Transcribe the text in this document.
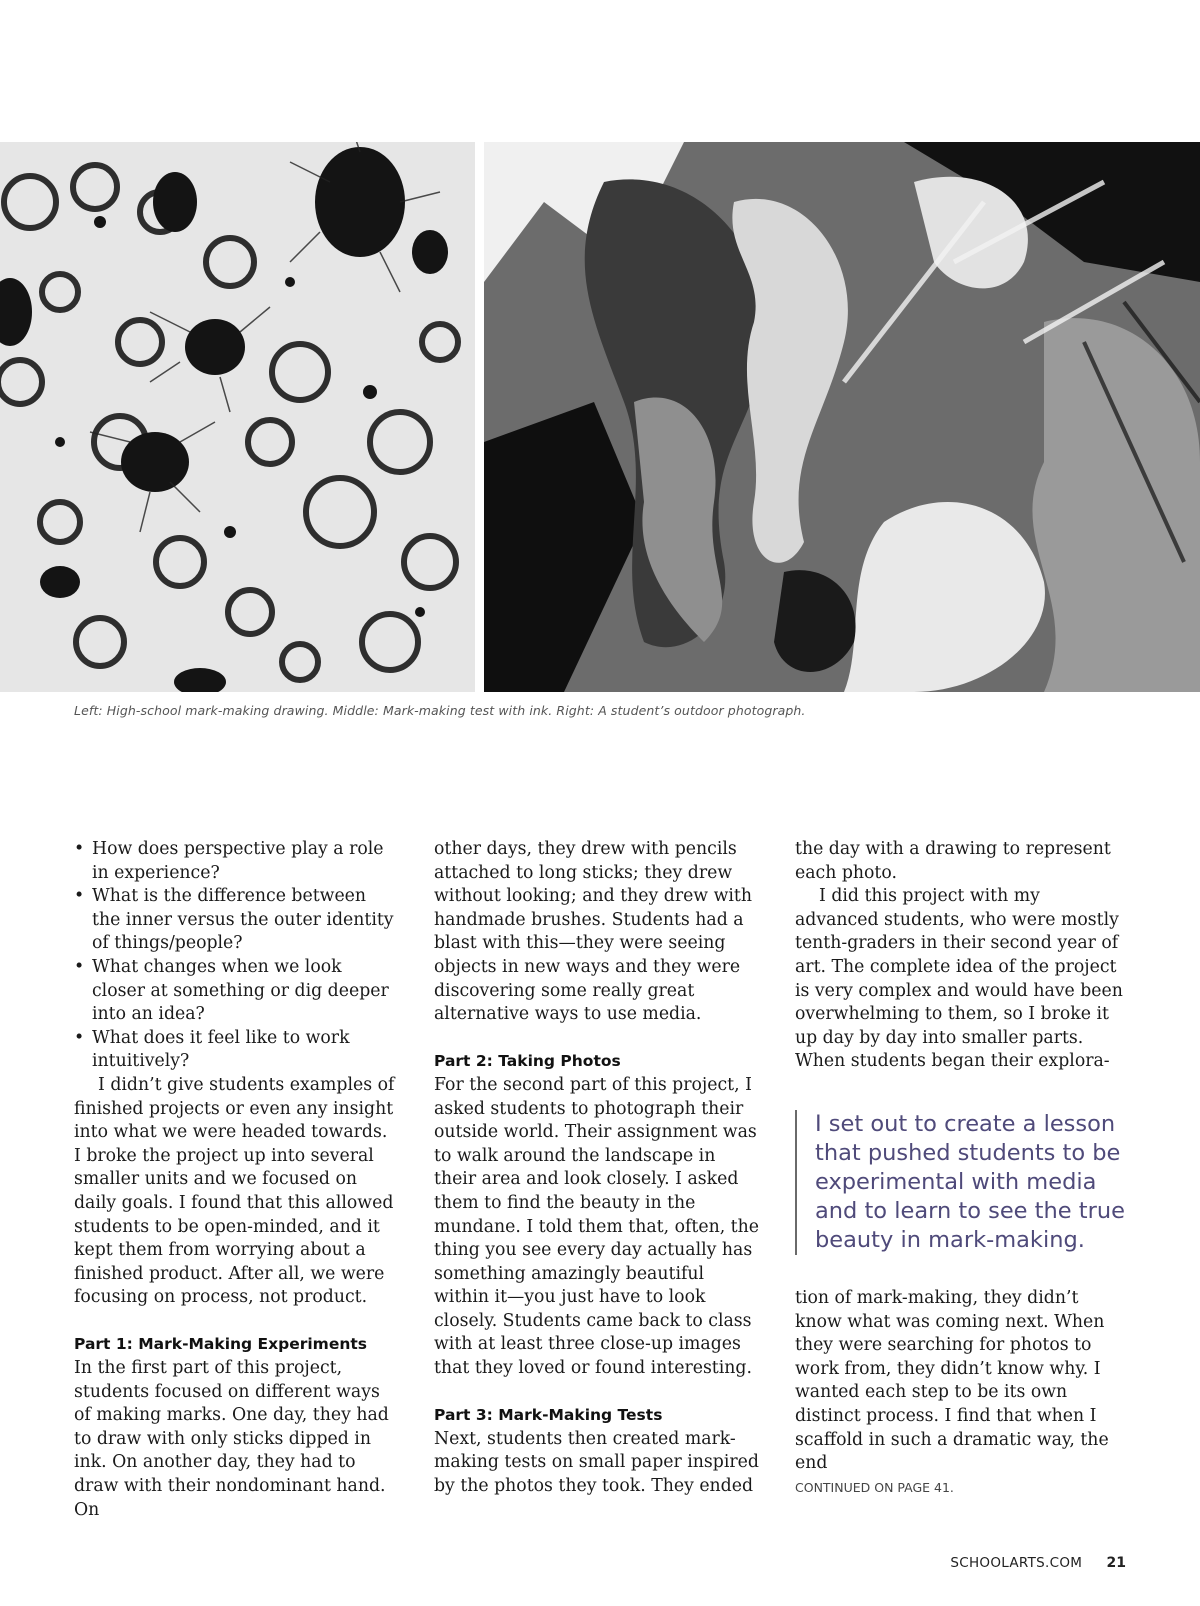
Left: High-school mark-making drawing. Middle: Mark-making test with ink. Right: A student’s outdoor photograph.
• How does perspective play a role in experience?
• What is the difference between the inner versus the outer identity of things/people?
• What changes when we look closer at something or dig deeper into an idea?
• What does it feel like to work intuitively?

I didn’t give students examples of finished projects or even any insight into what we were headed towards. I broke the project up into several smaller units and we focused on daily goals. I found that this allowed students to be open-minded, and it kept them from worrying about a finished product. After all, we were focusing on process, not product.

Part 1: Mark-Making Experiments

In the first part of this project, students focused on different ways of making marks. One day, they had to draw with only sticks dipped in ink. On another day, they had to draw with their nondominant hand. On

other days, they drew with pencils attached to long sticks; they drew without looking; and they drew with handmade brushes. Students had a blast with this—they were seeing objects in new ways and they were discovering some really great alternative ways to use media.

Part 2: Taking Photos

For the second part of this project, I asked students to photograph their outside world. Their assignment was to walk around the landscape in their area and look closely. I asked them to find the beauty in the mundane. I told them that, often, the thing you see every day actually has something amazingly beautiful within it—you just have to look closely. Students came back to class with at least three close-up images that they loved or found interesting.

Part 3: Mark-Making Tests

Next, students then created mark-making tests on small paper inspired by the photos they took. They ended

the day with a drawing to represent each photo.

I did this project with my advanced students, who were mostly tenth-graders in their second year of art. The complete idea of the project is very complex and would have been overwhelming to them, so I broke it up day by day into smaller parts. When students began their explora-

I set out to create a lesson that pushed students to be experimental with media and to learn to see the true beauty in mark-making.

tion of mark-making, they didn’t know what was coming next. When they were searching for photos to work from, they didn’t know why. I wanted each step to be its own distinct process. I find that when I scaffold in such a dramatic way, the end

CONTINUED ON PAGE 41.
SCHOOLARTS.COM 21
